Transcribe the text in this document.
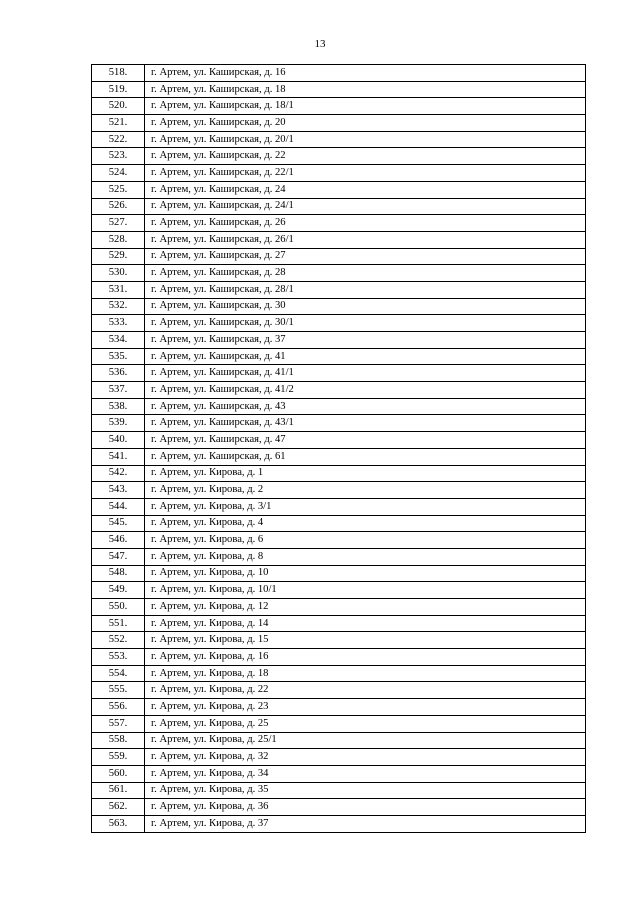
13
518.	г. Артем, ул. Каширская, д. 16
519.	г. Артем, ул. Каширская, д. 18
520.	г. Артем, ул. Каширская, д. 18/1
521.	г. Артем, ул. Каширская, д. 20
522.	г. Артем, ул. Каширская, д. 20/1
523.	г. Артем, ул. Каширская, д. 22
524.	г. Артем, ул. Каширская, д. 22/1
525.	г. Артем, ул. Каширская, д. 24
526.	г. Артем, ул. Каширская, д. 24/1
527.	г. Артем, ул. Каширская, д. 26
528.	г. Артем, ул. Каширская, д. 26/1
529.	г. Артем, ул. Каширская, д. 27
530.	г. Артем, ул. Каширская, д. 28
531.	г. Артем, ул. Каширская, д. 28/1
532.	г. Артем, ул. Каширская, д. 30
533.	г. Артем, ул. Каширская, д. 30/1
534.	г. Артем, ул. Каширская, д. 37
535.	г. Артем, ул. Каширская, д. 41
536.	г. Артем, ул. Каширская, д. 41/1
537.	г. Артем, ул. Каширская, д. 41/2
538.	г. Артем, ул. Каширская, д. 43
539.	г. Артем, ул. Каширская, д. 43/1
540.	г. Артем, ул. Каширская, д. 47
541.	г. Артем, ул. Каширская, д. 61
542.	г. Артем, ул. Кирова, д. 1
543.	г. Артем, ул. Кирова, д. 2
544.	г. Артем, ул. Кирова, д. 3/1
545.	г. Артем, ул. Кирова, д. 4
546.	г. Артем, ул. Кирова, д. 6
547.	г. Артем, ул. Кирова, д. 8
548.	г. Артем, ул. Кирова, д. 10
549.	г. Артем, ул. Кирова, д. 10/1
550.	г. Артем, ул. Кирова, д. 12
551.	г. Артем, ул. Кирова, д. 14
552.	г. Артем, ул. Кирова, д. 15
553.	г. Артем, ул. Кирова, д. 16
554.	г. Артем, ул. Кирова, д. 18
555.	г. Артем, ул. Кирова, д. 22
556.	г. Артем, ул. Кирова, д. 23
557.	г. Артем, ул. Кирова, д. 25
558.	г. Артем, ул. Кирова, д. 25/1
559.	г. Артем, ул. Кирова, д. 32
560.	г. Артем, ул. Кирова, д. 34
561.	г. Артем, ул. Кирова, д. 35
562.	г. Артем, ул. Кирова, д. 36
563.	г. Артем, ул. Кирова, д. 37
